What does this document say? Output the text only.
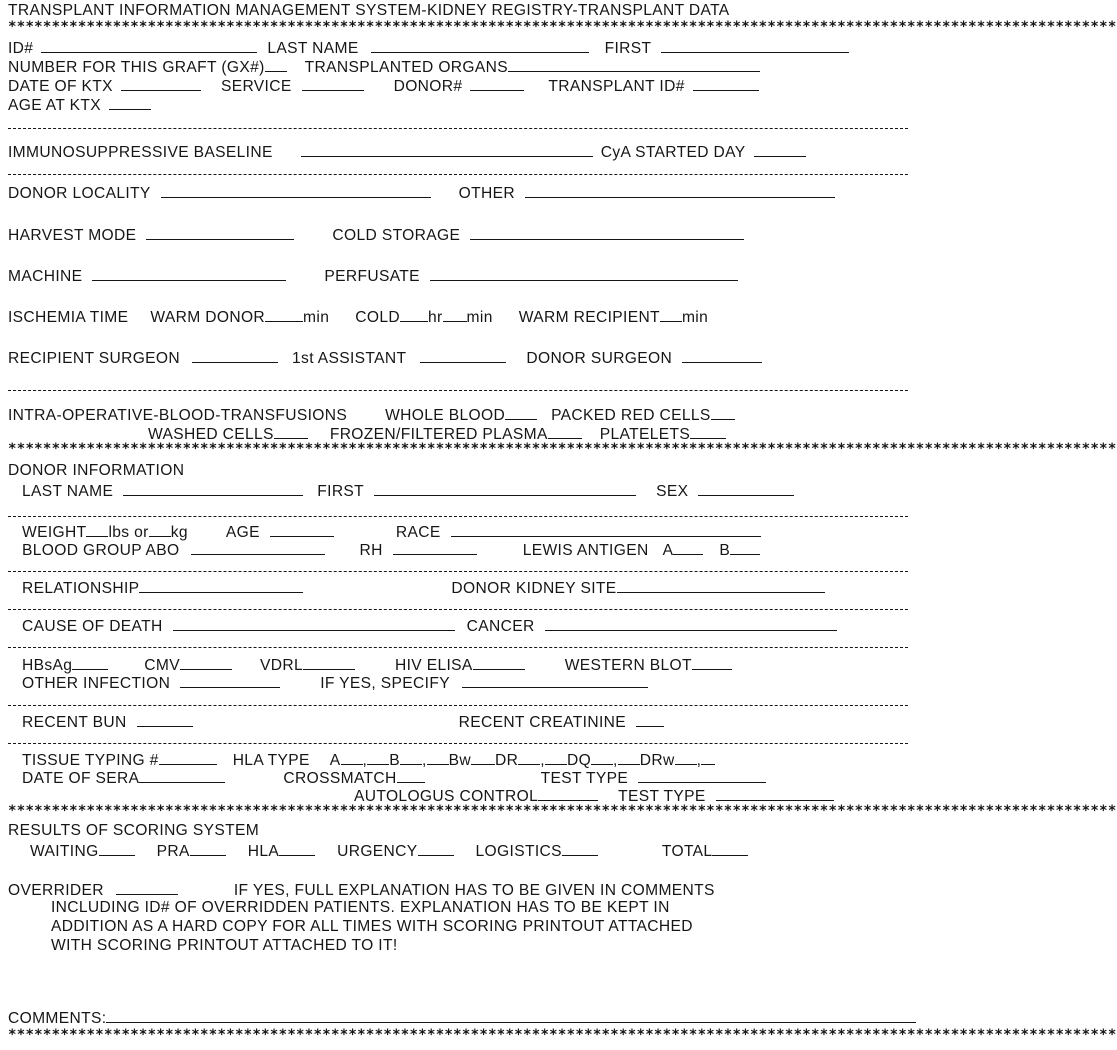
TRANSPLANT INFORMATION MANAGEMENT SYSTEM-KIDNEY REGISTRY-TRANSPLANT DATA
*******************************************************************************************************************************
ID#	LAST NAME	FIRST
NUMBER FOR THIS GRAFT (GX#)	TRANSPLANTED ORGANS
DATE OF KTX	SERVICE	DONOR#	TRANSPLANT ID#
AGE AT KTX
IMMUNOSUPPRESSIVE BASELINE	CyA STARTED DAY
DONOR LOCALITY	OTHER
HARVEST MODE	COLD STORAGE
MACHINE	PERFUSATE
ISCHEMIA TIME WARM DONOR min COLD hr min WARM RECIPIENT min
RECIPIENT SURGEON	1st ASSISTANT	DONOR SURGEON
INTRA-OPERATIVE-BLOOD-TRANSFUSIONS WHOLE BLOOD	PACKED RED CELLS
WASHED CELLS	FROZEN/FILTERED PLASMA	PLATELETS
*******************************************************************************************************************************
DONOR INFORMATION
LAST NAME	FIRST	SEX
WEIGHT lbs or kg AGE	RACE
BLOOD GROUP ABO	RH	LEWIS ANTIGEN A	B
RELATIONSHIP	DONOR KIDNEY SITE
CAUSE OF DEATH	CANCER
HBsAg	CMV	VDRL	HIV ELISA	WESTERN BLOT
OTHER INFECTION	IF YES, SPECIFY
RECENT BUN	RECENT CREATININE
TISSUE TYPING #	HLA TYPE A , B , Bw DR , DQ , DRw ,
DATE OF SERA	CROSSMATCH	TEST TYPE
AUTOLOGUS CONTROL	TEST TYPE
*******************************************************************************************************************************
RESULTS OF SCORING SYSTEM
WAITING	PRA	HLA	URGENCY	LOGISTICS	TOTAL
OVERRIDER	IF YES, FULL EXPLANATION HAS TO BE GIVEN IN COMMENTS
INCLUDING ID# OF OVERRIDDEN PATIENTS. EXPLANATION HAS TO BE KEPT IN
ADDITION AS A HARD COPY FOR ALL TIMES WITH SCORING PRINTOUT ATTACHED
WITH SCORING PRINTOUT ATTACHED TO IT!
COMMENTS:
*******************************************************************************************************************************
